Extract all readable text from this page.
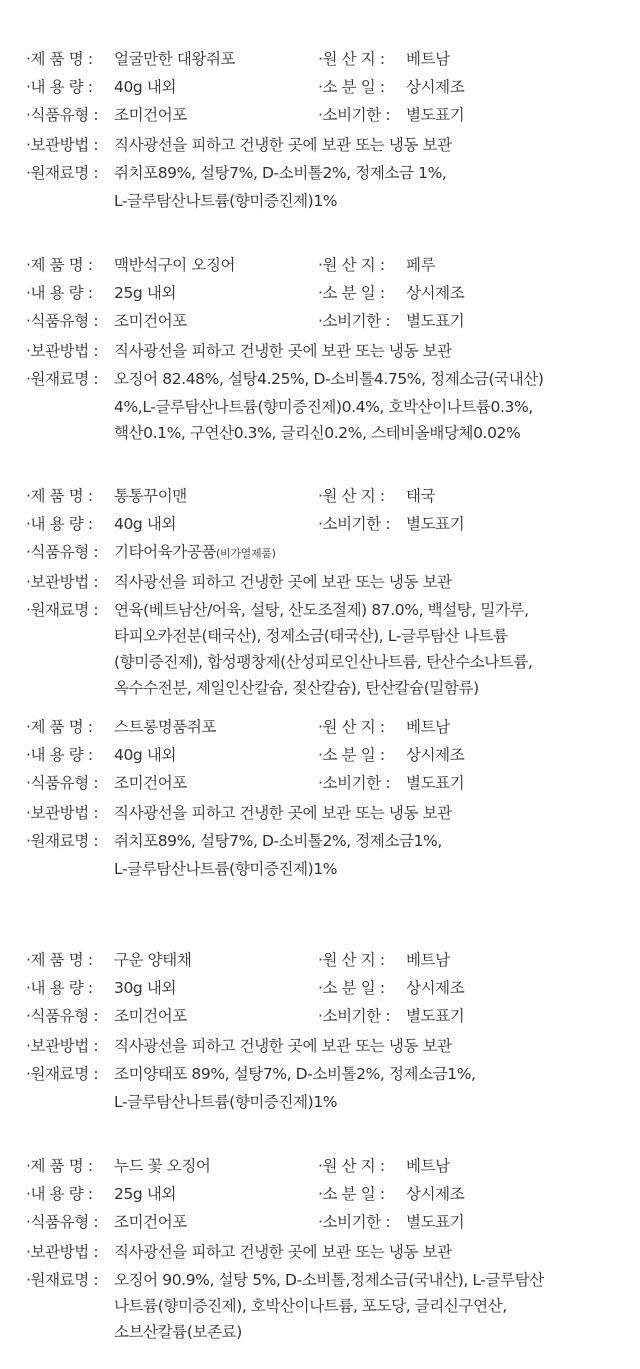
·제 품 명 :	얼굴만한 대왕쥐포	·원 산 지 :	베트남
·내 용 량 :	40g 내외	·소 분 일 :	상시제조
·식품유형 :	조미건어포	·소비기한 :	별도표기
·보관방법 :	직사광선을 피하고 건냉한 곳에 보관 또는 냉동 보관
·원재료명 :	쥐치포89%, 설탕7%, D-소비톨2%, 정제소금 1%,
L-글루탐산나트륨(향미증진제)1%
·제 품 명 :	맥반석구이 오징어	·원 산 지 :	페루
·내 용 량 :	25g 내외	·소 분 일 :	상시제조
·식품유형 :	조미건어포	·소비기한 :	별도표기
·보관방법 :	직사광선을 피하고 건냉한 곳에 보관 또는 냉동 보관
·원재료명 :	오징어 82.48%, 설탕4.25%, D-소비톨4.75%, 정제소금(국내산)
4%,L-글루탐산나트륨(향미증진제)0.4%, 호박산이나트륨0.3%,
핵산0.1%, 구연산0.3%, 글리신0.2%, 스테비올배당체0.02%
·제 품 명 :	통통꾸이맨	·원 산 지 :	태국
·내 용 량 :	40g 내외	·소비기한 :	별도표기
·식품유형 :	기타어육가공품(비가열제품)
·보관방법 :	직사광선을 피하고 건냉한 곳에 보관 또는 냉동 보관
·원재료명 :	연육(베트남산/어육, 설탕, 산도조절제) 87.0%, 백설탕, 밀가루,
타피오카전분(태국산), 정제소금(태국산), L-글루탐산 나트륨
(향미증진제), 합성팽창제(산성피로인산나트륨, 탄산수소나트륨,
옥수수전분, 제일인산칼슘, 젖산칼슘), 탄산칼슘(밀함류)
·제 품 명 :	스트롱명품쥐포	·원 산 지 :	베트남
·내 용 량 :	40g 내외	·소 분 일 :	상시제조
·식품유형 :	조미건어포	·소비기한 :	별도표기
·보관방법 :	직사광선을 피하고 건냉한 곳에 보관 또는 냉동 보관
·원재료명 :	쥐치포89%, 설탕7%, D-소비톨2%, 정제소금1%,
L-글루탐산나트륨(향미증진제)1%
·제 품 명 :	구운 양태채	·원 산 지 :	베트남
·내 용 량 :	30g 내외	·소 분 일 :	상시제조
·식품유형 :	조미건어포	·소비기한 :	별도표기
·보관방법 :	직사광선을 피하고 건냉한 곳에 보관 또는 냉동 보관
·원재료명 :	조미양태포 89%, 설탕7%, D-소비톨2%, 정제소금1%,
L-글루탐산나트륨(향미증진제)1%
·제 품 명 :	누드 꽃 오징어	·원 산 지 :	베트남
·내 용 량 :	25g 내외	·소 분 일 :	상시제조
·식품유형 :	조미건어포	·소비기한 :	별도표기
·보관방법 :	직사광선을 피하고 건냉한 곳에 보관 또는 냉동 보관
·원재료명 :	오징어 90.9%, 설탕 5%, D-소비톨,정제소금(국내산), L-글루탐산
나트륨(향미증진제), 호박산이나트륨, 포도당, 글리신구연산,
소브산칼륨(보존료)
